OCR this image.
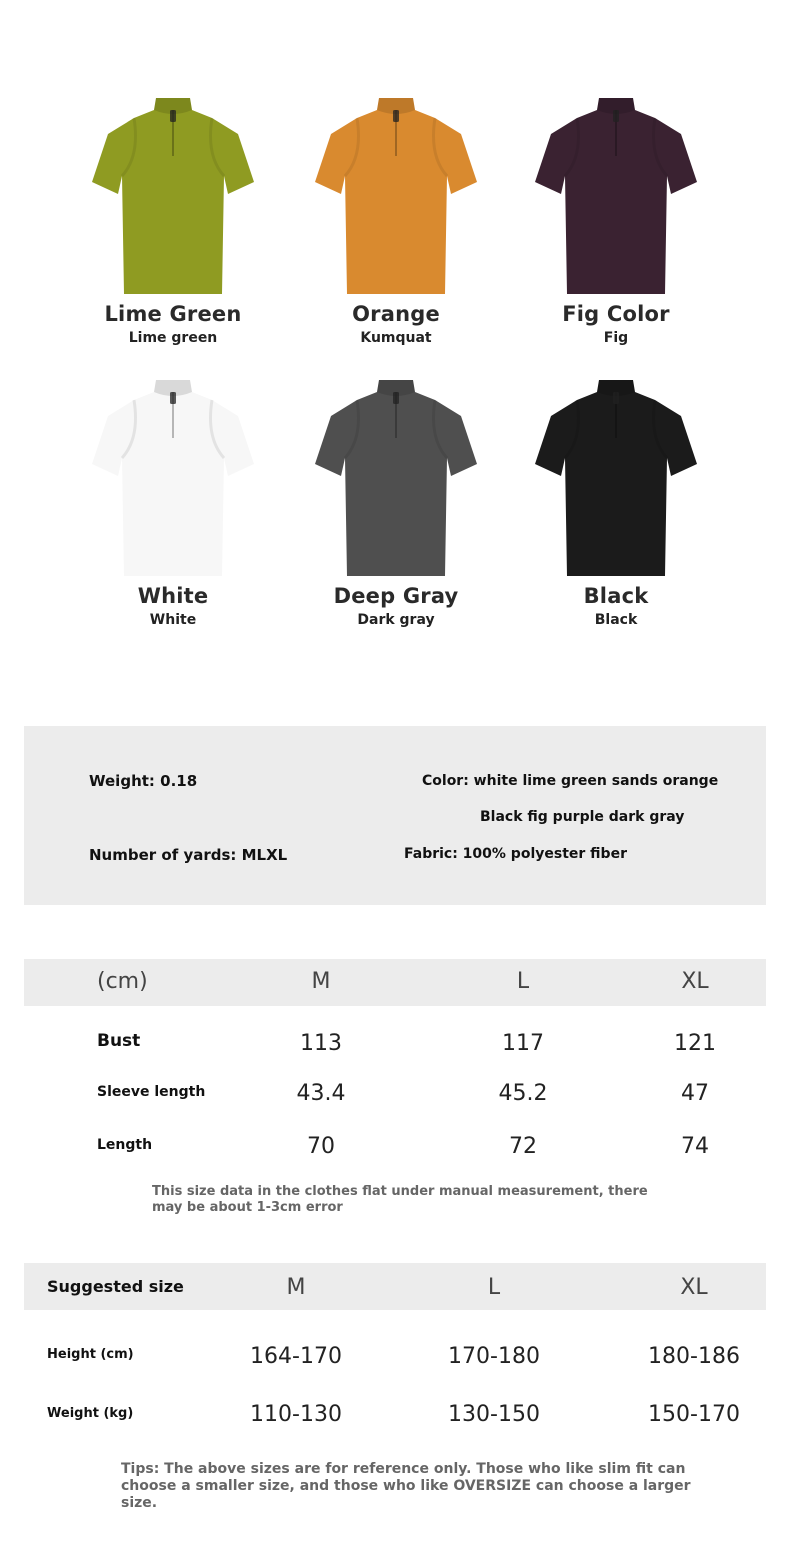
Lime Green
Lime green
Orange
Kumquat
Fig Color
Fig
White
White
Deep Gray
Dark gray
Black
Black
Weight: 0.18	Color: white lime green sands orange
Black fig purple dark gray
Number of yards: MLXL	Fabric: 100% polyester fiber
(cm)	M	L	XL
Bust	113	117	121
Sleeve length	43.4	45.2	47
Length	70	72	74
This size data in the clothes flat under manual measurement, there may be about 1-3cm error
Suggested size	M	L	XL
Height (cm)	164-170	170-180	180-186
Weight (kg)	110-130	130-150	150-170
Tips: The above sizes are for reference only. Those who like slim fit can choose a smaller size, and those who like OVERSIZE can choose a larger size.
